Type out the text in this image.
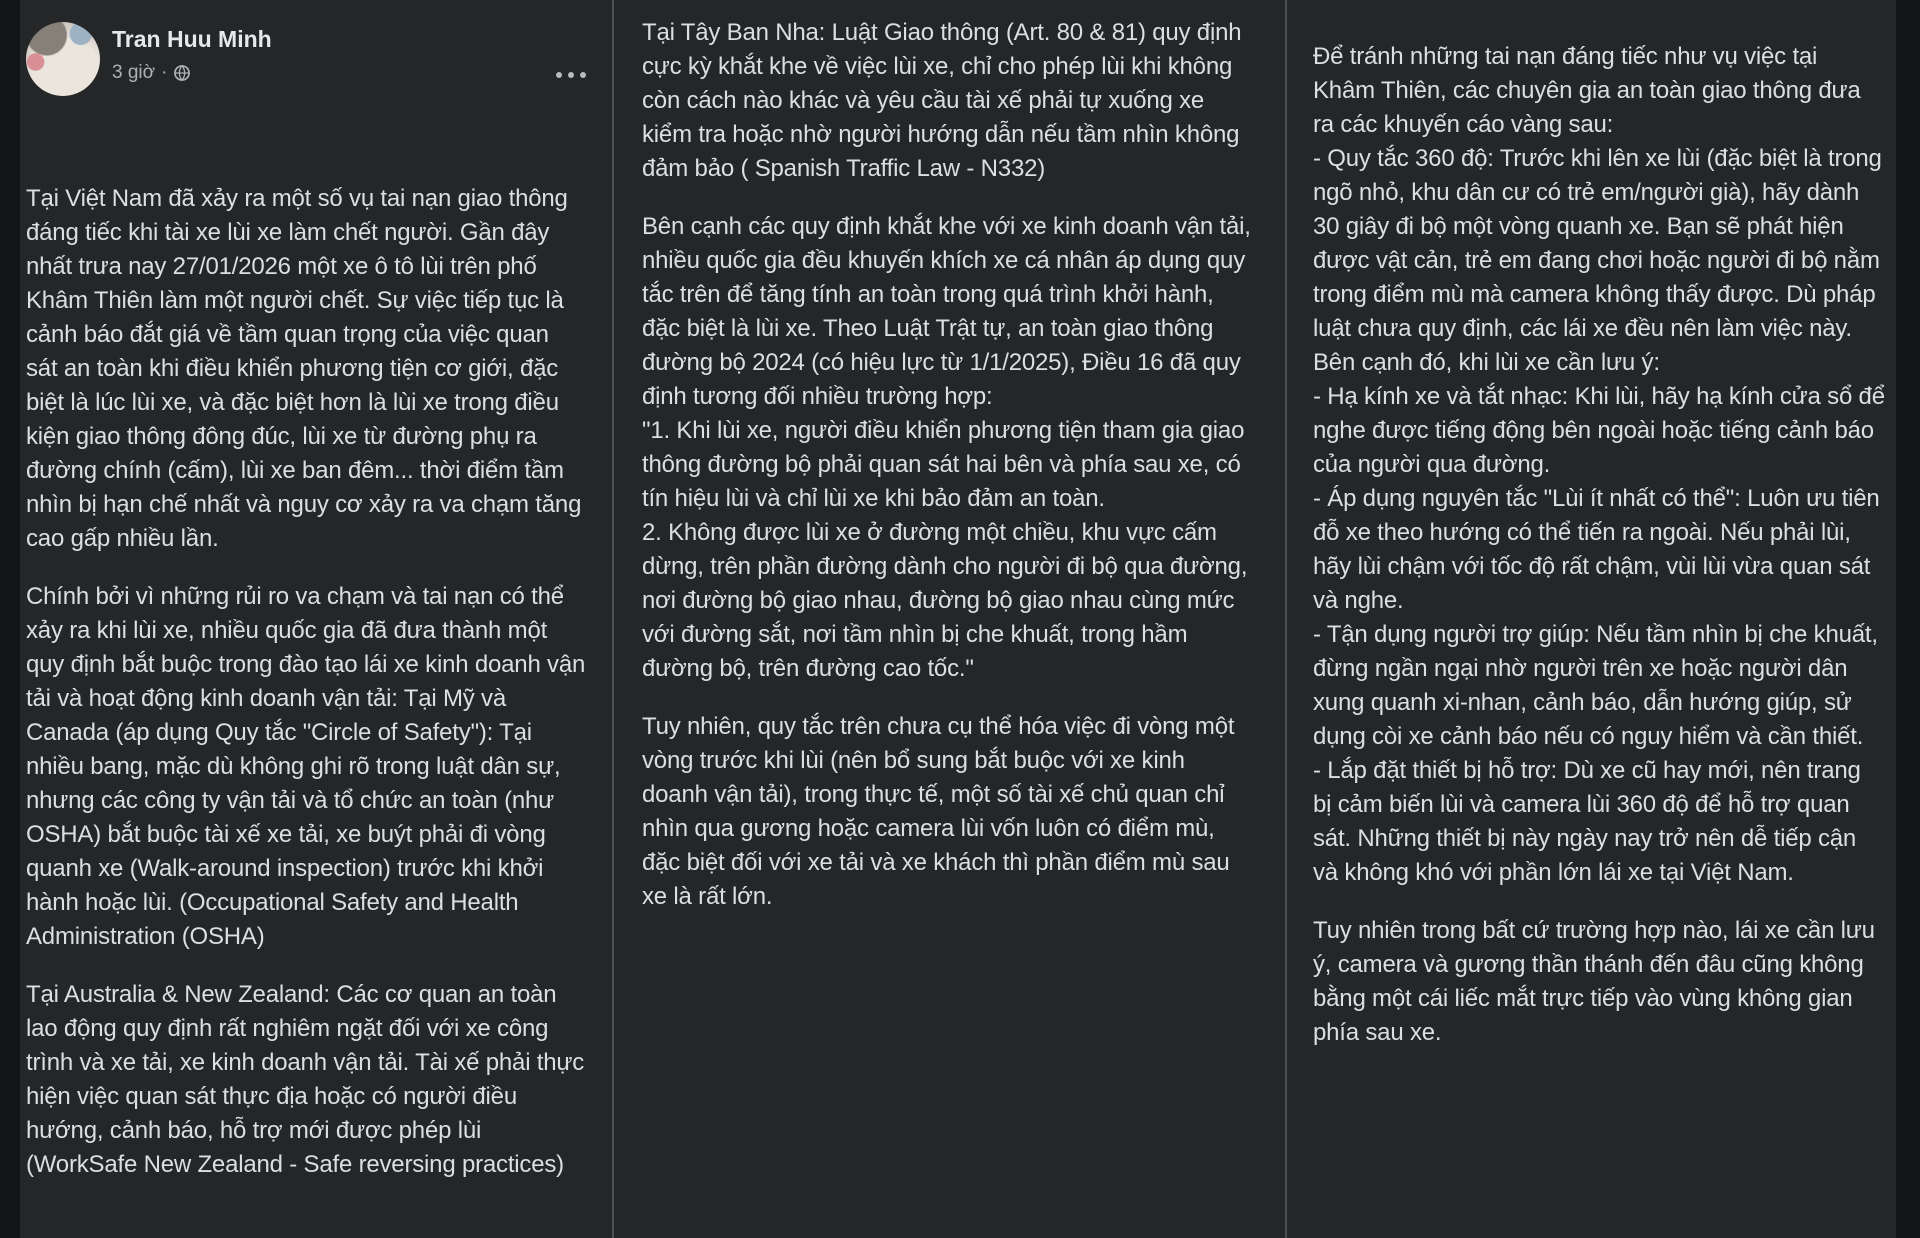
Tran Huu Minh
3 giờ ·

Tại Việt Nam đã xảy ra một số vụ tai nạn giao thông đáng tiếc khi tài xe lùi xe làm chết người. Gần đây nhất trưa nay 27/01/2026 một xe ô tô lùi trên phố Khâm Thiên làm một người chết. Sự việc tiếp tục là cảnh báo đắt giá về tầm quan trọng của việc quan sát an toàn khi điều khiển phương tiện cơ giới, đặc biệt là lúc lùi xe, và đặc biệt hơn là lùi xe trong điều kiện giao thông đông đúc, lùi xe từ đường phụ ra đường chính (cấm), lùi xe ban đêm... thời điểm tầm nhìn bị hạn chế nhất và nguy cơ xảy ra va chạm tăng cao gấp nhiều lần.

Chính bởi vì những rủi ro va chạm và tai nạn có thể xảy ra khi lùi xe, nhiều quốc gia đã đưa thành một quy định bắt buộc trong đào tạo lái xe kinh doanh vận tải và hoạt động kinh doanh vận tải: Tại Mỹ và Canada (áp dụng Quy tắc "Circle of Safety"): Tại nhiều bang, mặc dù không ghi rõ trong luật dân sự, nhưng các công ty vận tải và tổ chức an toàn (như OSHA) bắt buộc tài xế xe tải, xe buýt phải đi vòng quanh xe (Walk-around inspection) trước khi khởi hành hoặc lùi. (Occupational Safety and Health Administration (OSHA)

Tại Australia & New Zealand: Các cơ quan an toàn lao động quy định rất nghiêm ngặt đối với xe công trình và xe tải, xe kinh doanh vận tải. Tài xế phải thực hiện việc quan sát thực địa hoặc có người điều hướng, cảnh báo, hỗ trợ mới được phép lùi (WorkSafe New Zealand - Safe reversing practices)

Tại Tây Ban Nha: Luật Giao thông (Art. 80 & 81) quy định cực kỳ khắt khe về việc lùi xe, chỉ cho phép lùi khi không còn cách nào khác và yêu cầu tài xế phải tự xuống xe kiểm tra hoặc nhờ người hướng dẫn nếu tầm nhìn không đảm bảo ( Spanish Traffic Law - N332)

Bên cạnh các quy định khắt khe với xe kinh doanh vận tải, nhiều quốc gia đều khuyến khích xe cá nhân áp dụng quy tắc trên để tăng tính an toàn trong quá trình khởi hành, đặc biệt là lùi xe. Theo Luật Trật tự, an toàn giao thông đường bộ 2024 (có hiệu lực từ 1/1/2025), Điều 16 đã quy định tương đối nhiều trường hợp:

"1. Khi lùi xe, người điều khiển phương tiện tham gia giao thông đường bộ phải quan sát hai bên và phía sau xe, có tín hiệu lùi và chỉ lùi xe khi bảo đảm an toàn.

2. Không được lùi xe ở đường một chiều, khu vực cấm dừng, trên phần đường dành cho người đi bộ qua đường, nơi đường bộ giao nhau, đường bộ giao nhau cùng mức với đường sắt, nơi tầm nhìn bị che khuất, trong hầm đường bộ, trên đường cao tốc."

Tuy nhiên, quy tắc trên chưa cụ thể hóa việc đi vòng một vòng trước khi lùi (nên bổ sung bắt buộc với xe kinh doanh vận tải), trong thực tế, một số tài xế chủ quan chỉ nhìn qua gương hoặc camera lùi vốn luôn có điểm mù, đặc biệt đối với xe tải và xe khách thì phần điểm mù sau xe là rất lớn.

Để tránh những tai nạn đáng tiếc như vụ việc tại Khâm Thiên, các chuyên gia an toàn giao thông đưa ra các khuyến cáo vàng sau:

- Quy tắc 360 độ: Trước khi lên xe lùi (đặc biệt là trong ngõ nhỏ, khu dân cư có trẻ em/người già), hãy dành 30 giây đi bộ một vòng quanh xe. Bạn sẽ phát hiện được vật cản, trẻ em đang chơi hoặc người đi bộ nằm trong điểm mù mà camera không thấy được. Dù pháp luật chưa quy định, các lái xe đều nên làm việc này.

Bên cạnh đó, khi lùi xe cần lưu ý:

- Hạ kính xe và tắt nhạc: Khi lùi, hãy hạ kính cửa sổ để nghe được tiếng động bên ngoài hoặc tiếng cảnh báo của người qua đường.

- Áp dụng nguyên tắc "Lùi ít nhất có thể": Luôn ưu tiên đỗ xe theo hướng có thể tiến ra ngoài. Nếu phải lùi, hãy lùi chậm với tốc độ rất chậm, vùi lùi vừa quan sát và nghe.

- Tận dụng người trợ giúp: Nếu tầm nhìn bị che khuất, đừng ngần ngại nhờ người trên xe hoặc người dân xung quanh xi-nhan, cảnh báo, dẫn hướng giúp, sử dụng còi xe cảnh báo nếu có nguy hiểm và cần thiết.

- Lắp đặt thiết bị hỗ trợ: Dù xe cũ hay mới, nên trang bị cảm biến lùi và camera lùi 360 độ để hỗ trợ quan sát. Những thiết bị này ngày nay trở nên dễ tiếp cận và không khó với phần lớn lái xe tại Việt Nam.

Tuy nhiên trong bất cứ trường hợp nào, lái xe cần lưu ý, camera và gương thần thánh đến đâu cũng không bằng một cái liếc mắt trực tiếp vào vùng không gian phía sau xe.
